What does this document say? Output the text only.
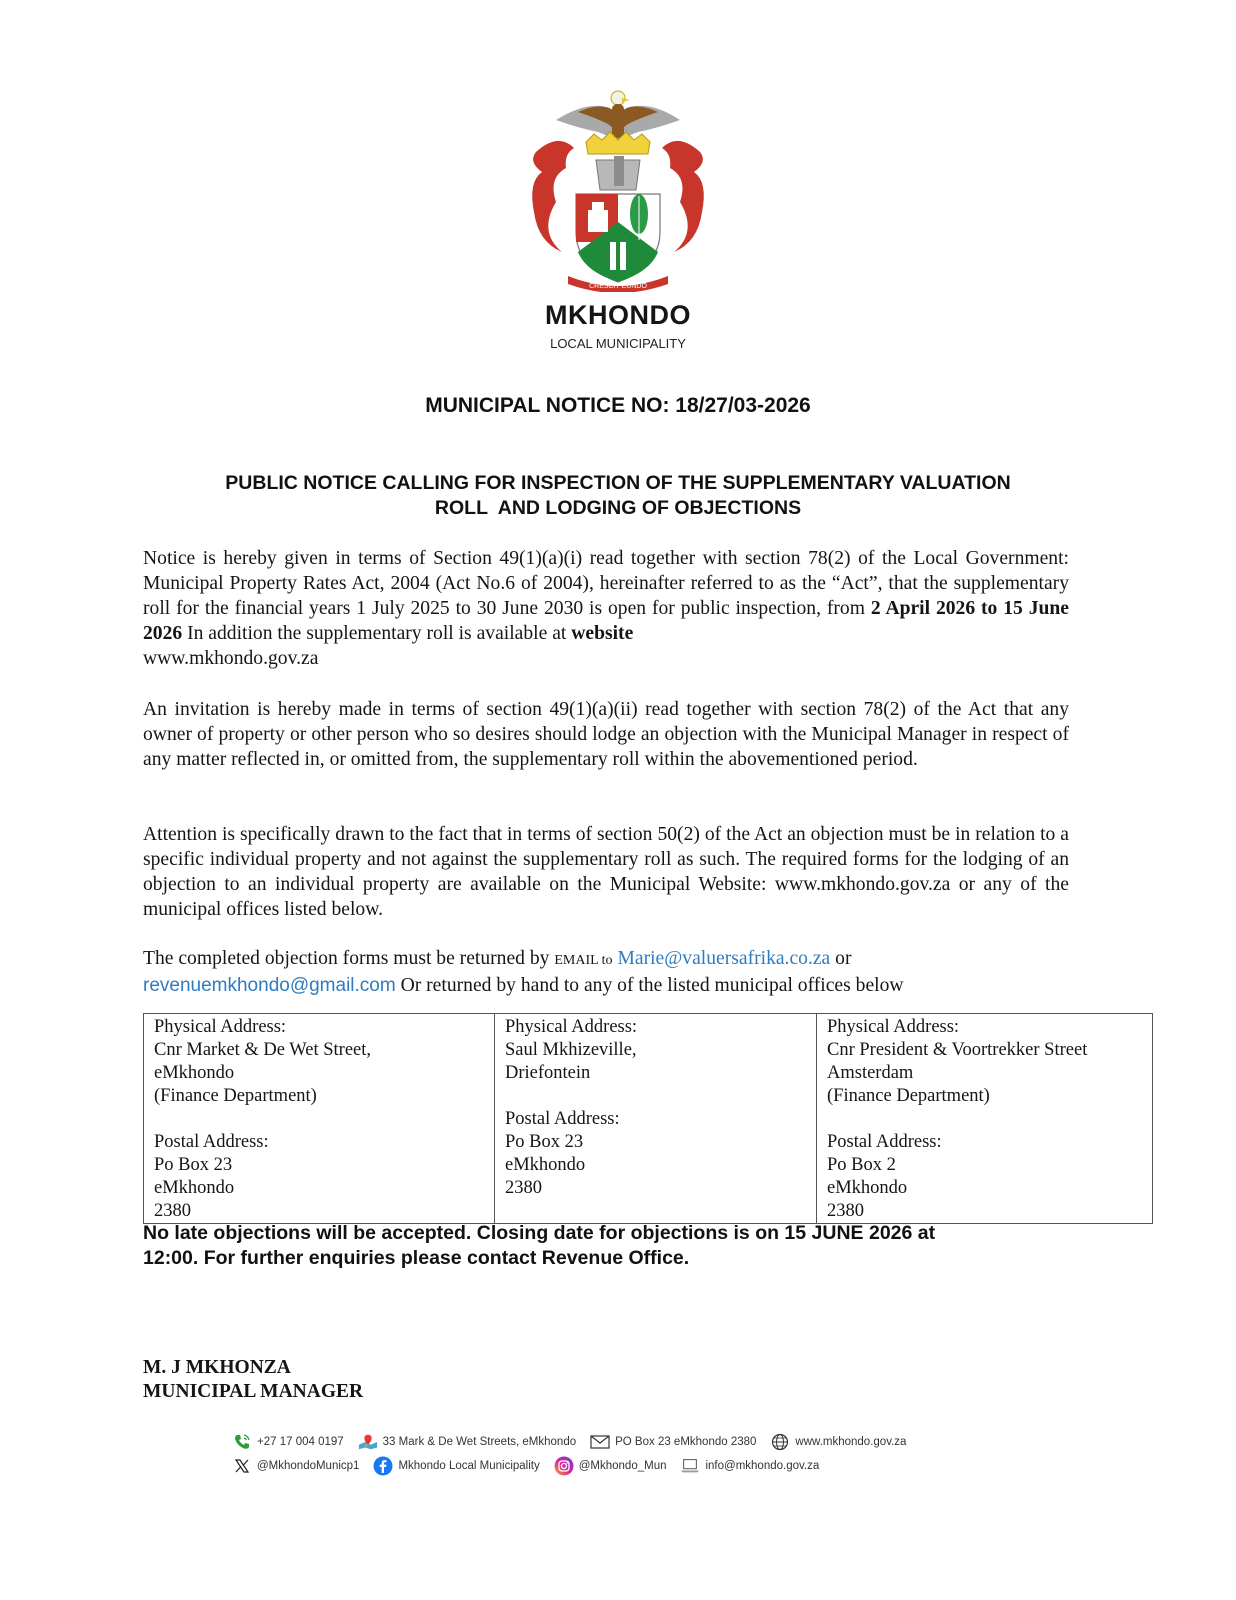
CRESCIT EUNDO
MKHONDO
LOCAL MUNICIPALITY
MUNICIPAL NOTICE NO: 18/27/03-2026
PUBLIC NOTICE CALLING FOR INSPECTION OF THE SUPPLEMENTARY VALUATION
ROLL  AND LODGING OF OBJECTIONS
Notice is hereby given in terms of Section 49(1)(a)(i) read together with section 78(2) of the Local Government: Municipal Property Rates Act, 2004 (Act No.6 of 2004), hereinafter referred to as the “Act”, that the supplementary roll for the financial years 1 July 2025 to 30 June 2030 is open for public inspection, from 2 April 2026 to 15 June 2026 In addition the supplementary roll is available at website
www.mkhondo.gov.za
An invitation is hereby made in terms of section 49(1)(a)(ii) read together with section 78(2) of the Act that any owner of property or other person who so desires should lodge an objection with the Municipal Manager in respect of any matter reflected in, or omitted from, the supplementary roll within the abovementioned period.
Attention is specifically drawn to the fact that in terms of section 50(2) of the Act an objection must be in relation to a specific individual property and not against the supplementary roll as such. The required forms for the lodging of an objection to an individual property are available on the Municipal Website: www.mkhondo.gov.za or any of the municipal offices listed below.
The completed objection forms must be returned by EMAIL to Marie@valuersafrika.co.za or
revenuemkhondo@gmail.com Or returned by hand to any of the listed municipal offices below
Physical Address:
Cnr Market & De Wet Street,
eMkhondo
(Finance Department)
Postal Address:
Po Box 23
eMkhondo
2380

Physical Address:
Saul Mkhizeville,
Driefontein
Postal Address:
Po Box 23
eMkhondo
2380

Physical Address:
Cnr President & Voortrekker Street
Amsterdam
(Finance Department)
Postal Address:
Po Box 2
eMkhondo
2380
No late objections will be accepted. Closing date for objections is on 15 JUNE 2026 at
12:00. For further enquiries please contact Revenue Office.
M. J MKHONZA
MUNICIPAL MANAGER
+27 17 004 0197	33 Mark & De Wet Streets, eMkhondo	PO Box 23 eMkhondo 2380	www.mkhondo.gov.za
@MkhondoMunicp1	Mkhondo Local Municipality	@Mkhondo_Mun	info@mkhondo.gov.za
